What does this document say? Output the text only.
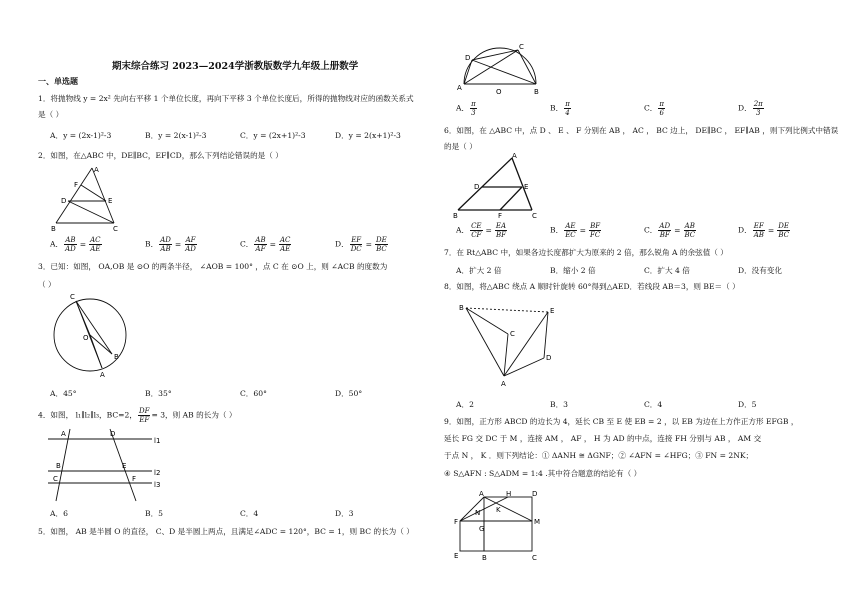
期末综合练习 2023—2024学浙教版数学九年级上册数学
一、单选题
1．将抛物线 y = 2x² 先向右平移 1 个单位长度，再向下平移 3 个单位长度后，所得的抛物线对应的函数关系式
是（ ）
A．y = (2x-1)²-3	B．y = 2(x-1)²-3	C．y = (2x+1)²-3	D．y = 2(x+1)²-3
2．如图，在△ABC 中，DE∥BC，EF∥CD，那么下列结论错误的是（ ）
A
F
D	E
B	C
A． $\frac{AB}{AD} = \frac{AC}{AE}$	B． $\frac{AD}{AB} = \frac{AF}{AD}$	C． $\frac{AB}{AF} = \frac{AC}{AE}$	D． $\frac{EF}{DC} = \frac{DE}{BC}$
3．已知：如图， OA,OB 是 ⊙O 的两条半径， ∠AOB = 100° ，点 C 在 ⊙O 上，则 ∠ACB 的度数为
（ ）
C
O
A
B
A．45°	B．35°	C．60°	D．50°
4．如图， l₁∥l₂∥l₃，BC=2， $\frac{DF}{EF} = 3$，则 AB 的长为（ ）
A	D
l1
B	E
l2
C	F
l3
A．6	B．5	C．4	D．3
5．如图， AB 是半圆 O 的直径， C、D 是半圆上两点，且满足∠ADC = 120°，BC = 1，则 BC 的长为（ ）
D
C
A	O	B
A． $\frac{\pi}{3}$	B． $\frac{\pi}{4}$	C． $\frac{\pi}{6}$	D． $\frac{2\pi}{3}$
6．如图，在 △ABC 中，点 D 、 E 、 F 分别在 AB ， AC ， BC 边上， DE∥BC ， EF∥AB ，则下列比例式中错误
的是（ ）
A
D	E
B	F	C
A． $\frac{CE}{CF} = \frac{EA}{BF}$	B． $\frac{AE}{EC} = \frac{BF}{FC}$	C． $\frac{AD}{BF} = \frac{AB}{BC}$	D． $\frac{EF}{AB} = \frac{DE}{BC}$
7．在 Rt△ABC 中，如果各边长度都扩大为原来的 2 倍，那么锐角 A 的余弦值（ ）
A．扩大 2 倍	B．缩小 2 倍	C．扩大 4 倍	D．没有变化
8．如图，将△ABC 绕点 A 顺时针旋转 60°得到△AED．若线段 AB＝3，则 BE＝（ ）
B	E
C
D
A
A．2	B．3	C．4	D．5
9．如图，正方形 ABCD 的边长为 4，延长 CB 至 E 使 EB = 2 ，以 EB 为边在上方作正方形 EFGB ，
延长 FG 交 DC 于 M ，连接 AM ， AF ， H 为 AD 的中点，连接 FH 分别与 AB ， AM 交
于点 N ， K ．则下列结论：① ΔANH ≅ ΔGNF；② ∠AFN = ∠HFG；③ FN = 2NK；
④ S△AFN : S△ADM = 1:4 .其中符合题意的结论有（ ）
A	H	D
K
N
F
G
M
E	B	C
